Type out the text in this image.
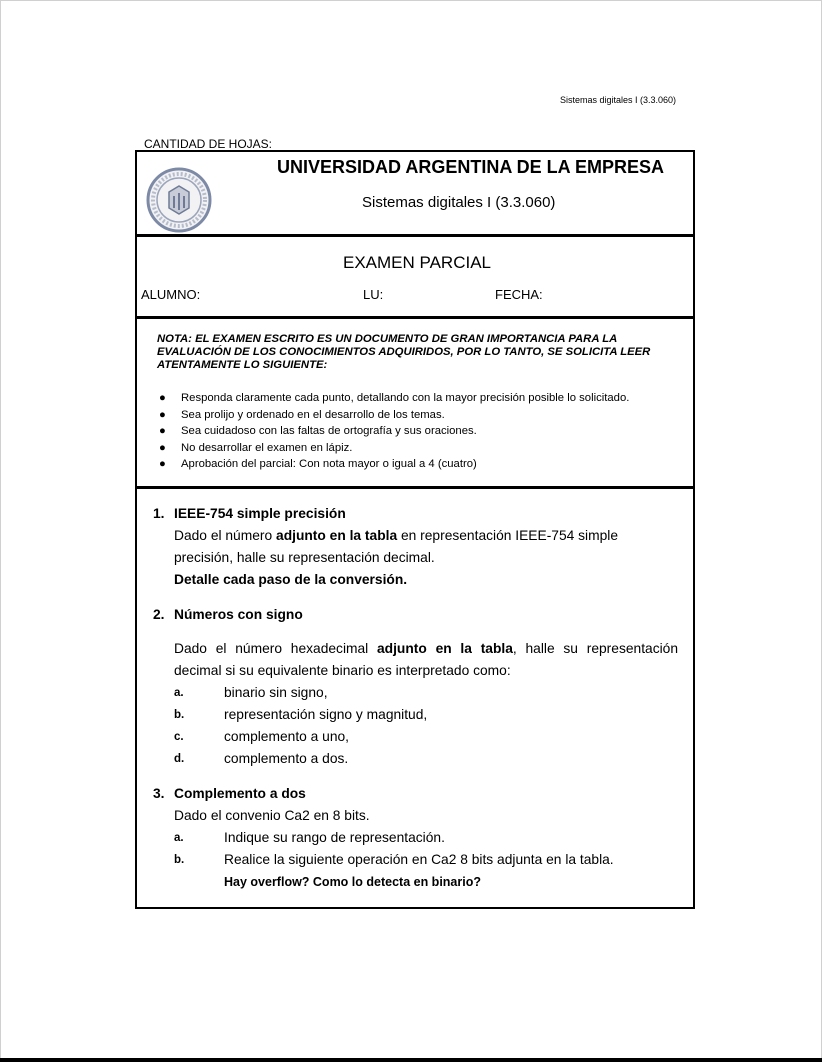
Sistemas digitales I (3.3.060)
CANTIDAD DE HOJAS:
UNIVERSIDAD ARGENTINA DE LA EMPRESA
Sistemas digitales I (3.3.060)
EXAMEN PARCIAL
ALUMNO:	LU:	FECHA:
NOTA: EL EXAMEN ESCRITO ES UN DOCUMENTO DE GRAN IMPORTANCIA PARA LA EVALUACIÓN DE LOS CONOCIMIENTOS ADQUIRIDOS, POR LO TANTO, SE SOLICITA LEER ATENTAMENTE LO SIGUIENTE:
● Responda claramente cada punto, detallando con la mayor precisión posible lo solicitado.
● Sea prolijo y ordenado en el desarrollo de los temas.
● Sea cuidadoso con las faltas de ortografía y sus oraciones.
● No desarrollar el examen en lápiz.
● Aprobación del parcial: Con nota mayor o igual a 4 (cuatro)
1. IEEE-754 simple precisión
Dado el número adjunto en la tabla en representación IEEE-754 simple precisión, halle su representación decimal.
Detalle cada paso de la conversión.
2. Números con signo
Dado el número hexadecimal adjunto en la tabla, halle su representación decimal si su equivalente binario es interpretado como:
a.	binario sin signo,
b.	representación signo y magnitud,
c.	complemento a uno,
d.	complemento a dos.
3. Complemento a dos
Dado el convenio Ca2 en 8 bits.
a.	Indique su rango de representación.
b.	Realice la siguiente operación en Ca2 8 bits adjunta en la tabla.
Hay overflow? Como lo detecta en binario?
